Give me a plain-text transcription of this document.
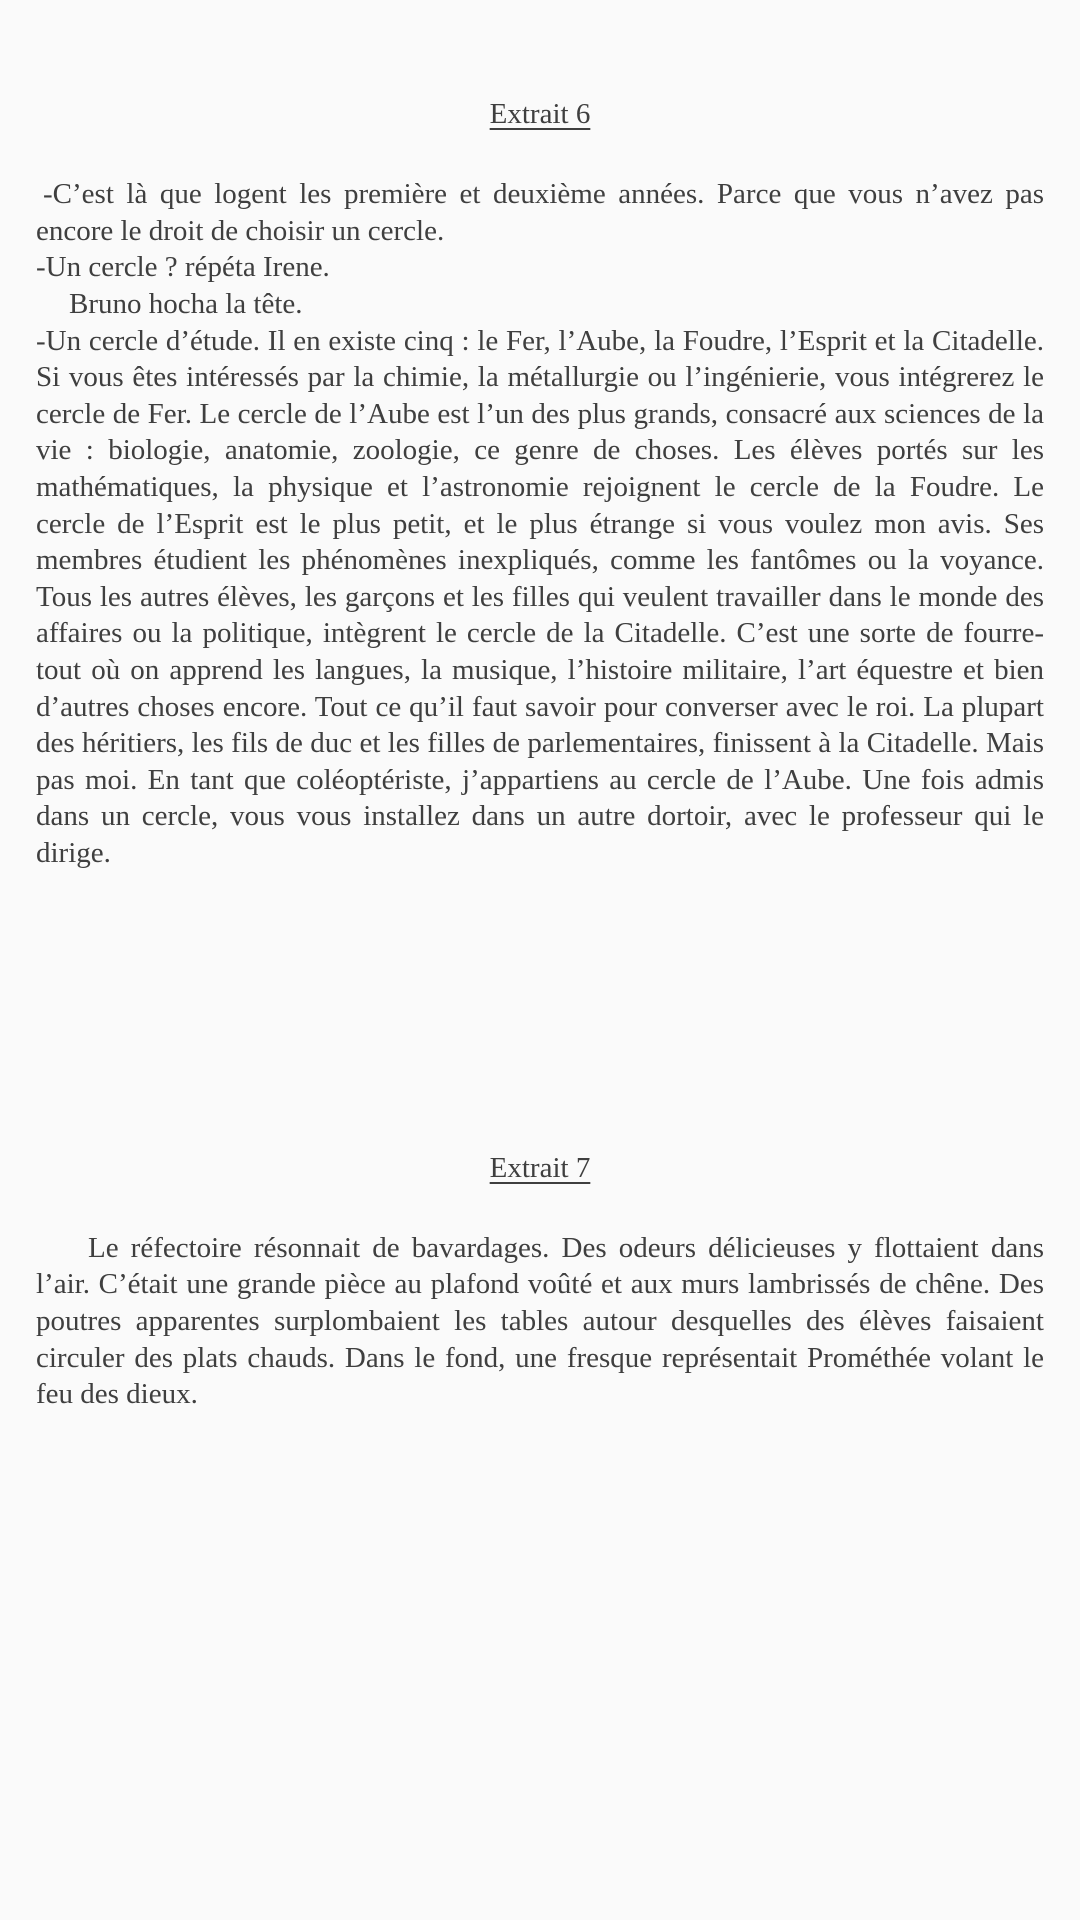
Extrait 6

-C’est là que logent les première et deuxième années. Parce que vous n’avez pas encore le droit de choisir un cercle.

-Un cercle ? répéta Irene.

Bruno hocha la tête.

-Un cercle d’étude. Il en existe cinq : le Fer, l’Aube, la Foudre, l’Esprit et la Citadelle. Si vous êtes intéressés par la chimie, la métallurgie ou l’ingénierie, vous intégrerez le cercle de Fer. Le cercle de l’Aube est l’un des plus grands, consacré aux sciences de la vie : biologie, anatomie, zoologie, ce genre de choses. Les élèves portés sur les mathématiques, la physique et l’astronomie rejoignent le cercle de la Foudre. Le cercle de l’Esprit est le plus petit, et le plus étrange si vous voulez mon avis. Ses membres étudient les phénomènes inexpliqués, comme les fantômes ou la voyance. Tous les autres élèves, les garçons et les filles qui veulent travailler dans le monde des affaires ou la politique, intègrent le cercle de la Citadelle. C’est une sorte de fourre-tout où on apprend les langues, la musique, l’histoire militaire, l’art équestre et bien d’autres choses encore. Tout ce qu’il faut savoir pour converser avec le roi. La plupart des héritiers, les fils de duc et les filles de parlementaires, finissent à la Citadelle. Mais pas moi. En tant que coléoptériste, j’appartiens au cercle de l’Aube. Une fois admis dans un cercle, vous vous installez dans un autre dortoir, avec le professeur qui le dirige.

Extrait 7

Le réfectoire résonnait de bavardages. Des odeurs délicieuses y flottaient dans l’air. C’était une grande pièce au plafond voûté et aux murs lambrissés de chêne. Des poutres apparentes surplombaient les tables autour desquelles des élèves faisaient circuler des plats chauds. Dans le fond, une fresque représentait Prométhée volant le feu des dieux.
